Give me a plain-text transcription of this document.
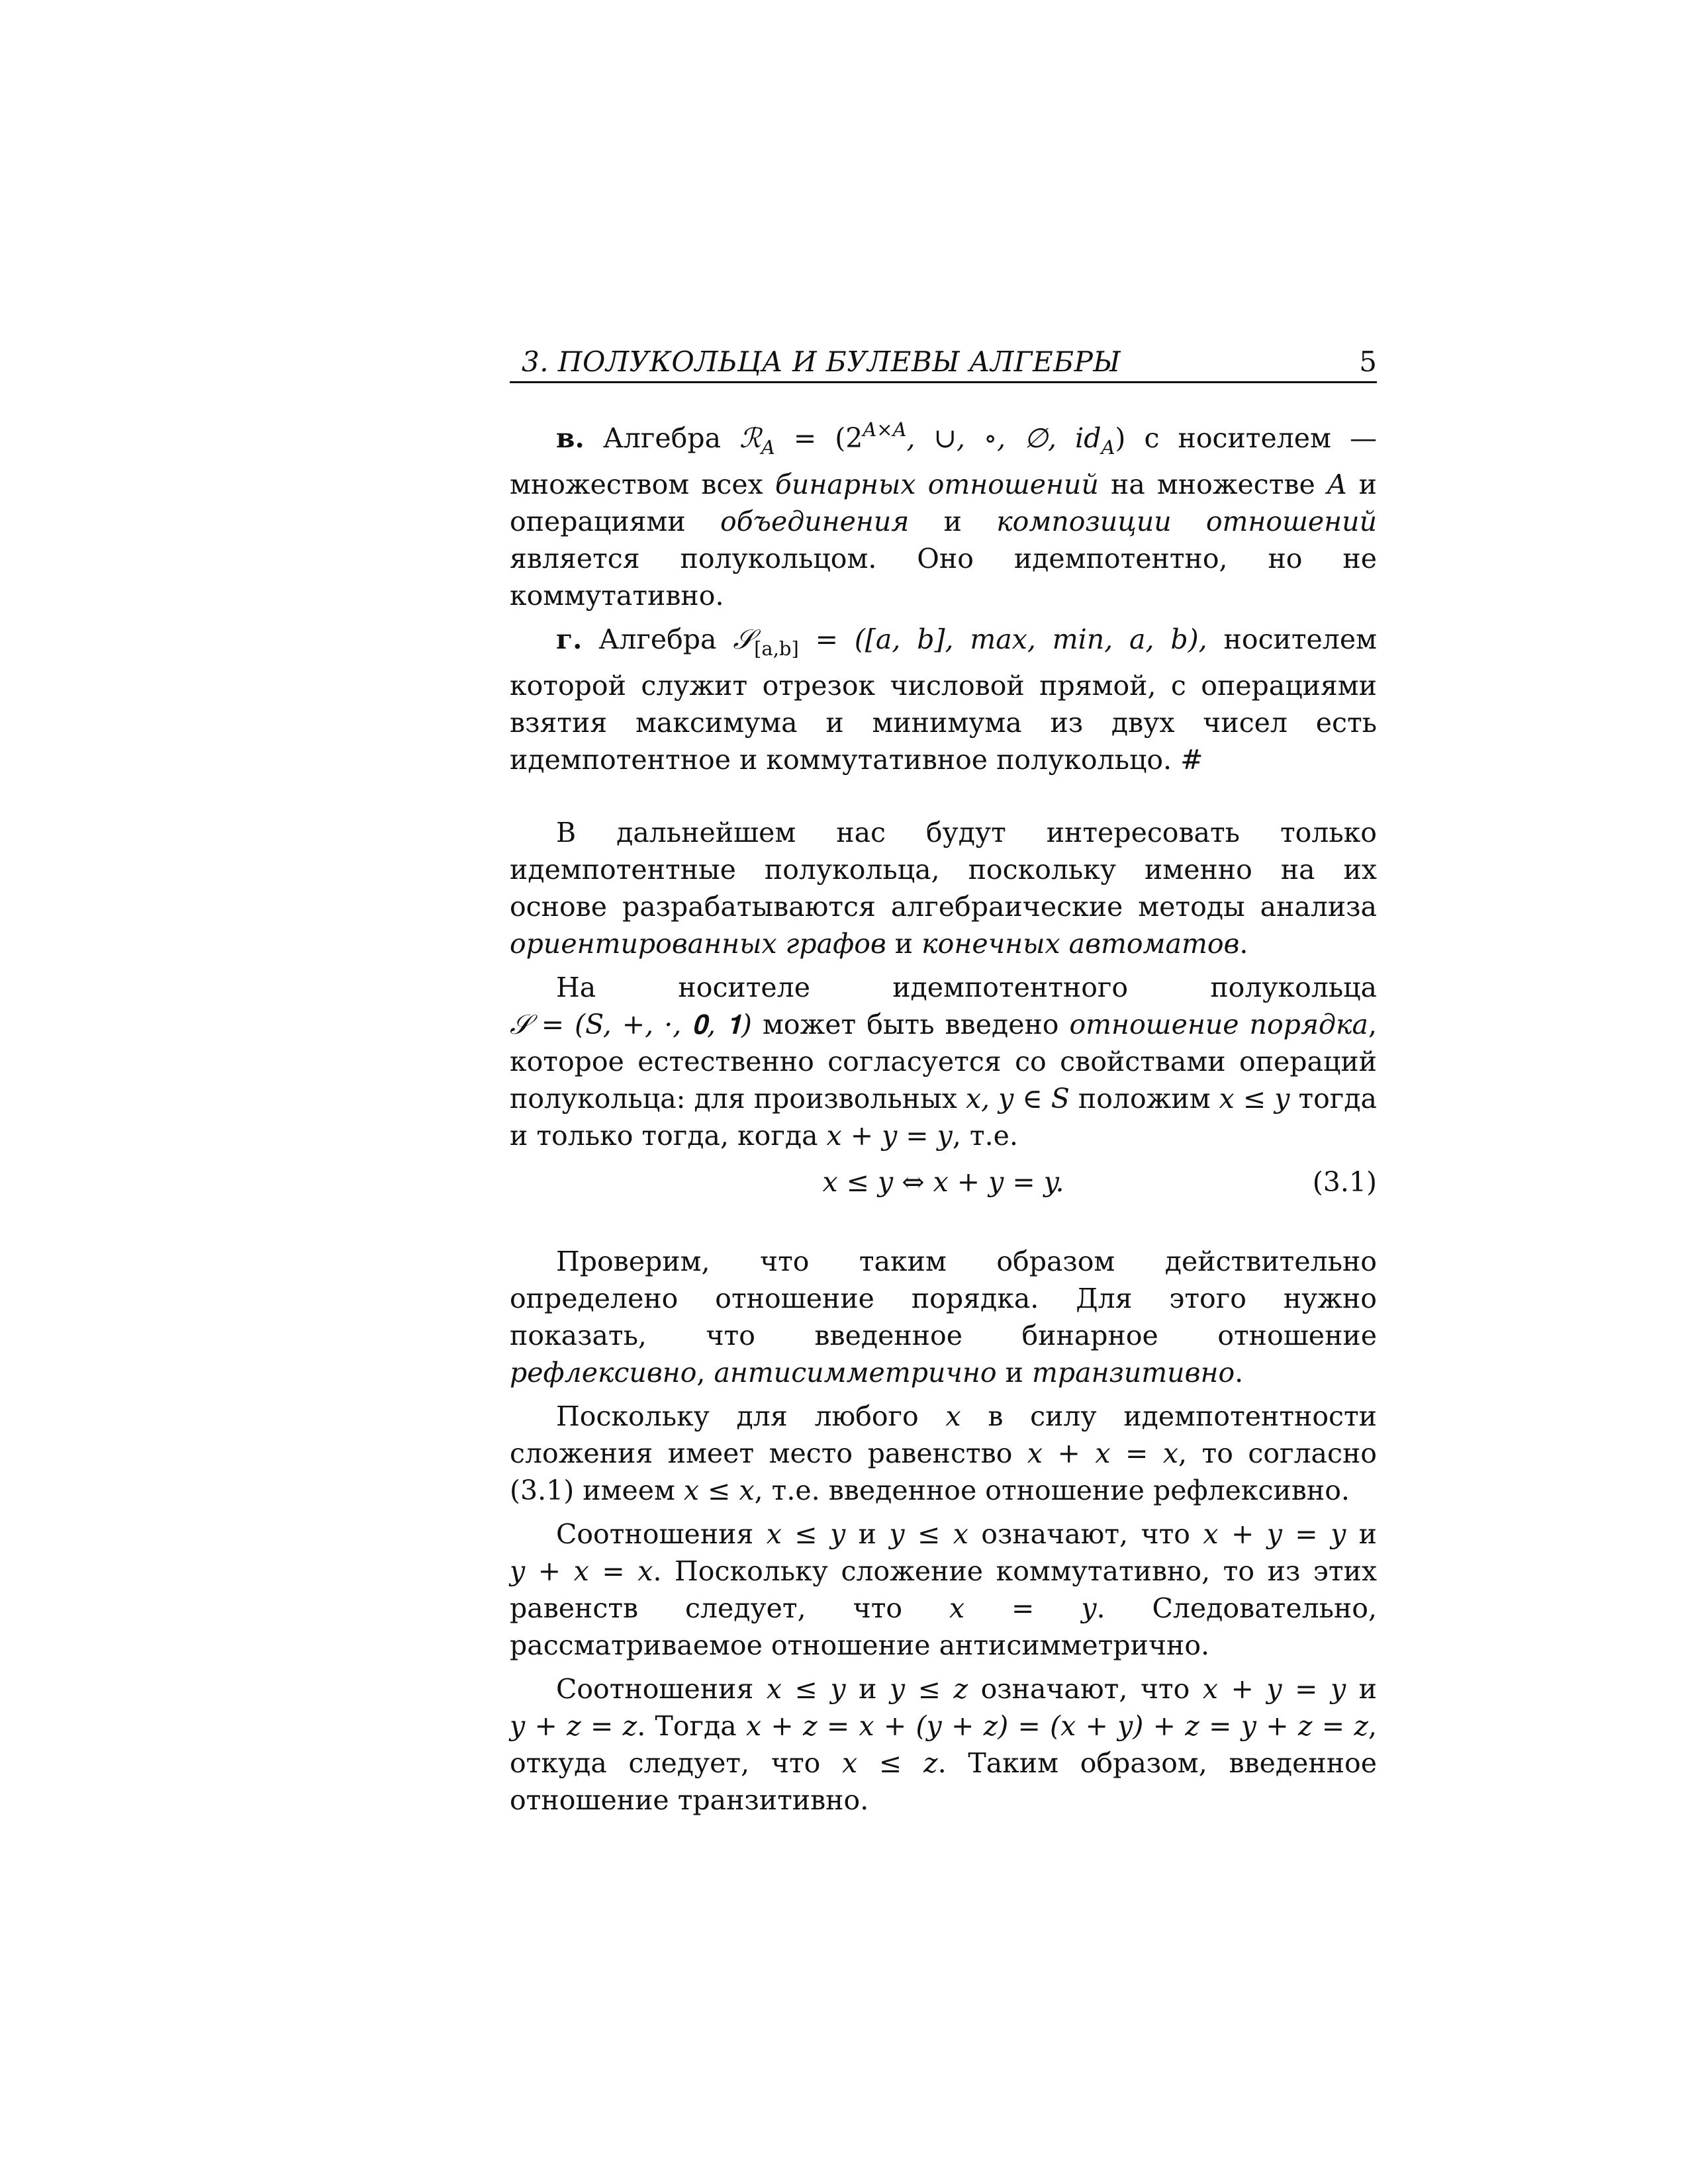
3. ПОЛУКОЛЬЦА И БУЛЕВЫ АЛГЕБРЫ	5

в. Алгебра ℛ$_A$ = ($2^{A\times A}$, ∪, ∘, ∅, $id_A$) с носителем — множеством всех бинарных отношений на множестве A и операциями объединения и композиции отношений является полукольцом. Оно идемпотентно, но не коммутативно.

г. Алгебра 𝒮$_{[a,b]}$ = ([a, b], max, min, a, b), носителем которой служит отрезок числовой прямой, с операциями взятия максимума и минимума из двух чисел есть идемпотентное и коммутативное полукольцо. #

В дальнейшем нас будут интересовать только идемпотентные полукольца, поскольку именно на их основе разрабатываются алгебраические методы анализа ориентированных графов и конечных автоматов.

На носителе идемпотентного полукольца 𝒮 = (S, +, ·, 𝟎, 𝟏) может быть введено отношение порядка, которое естественно согласуется со свойствами операций полукольца: для произвольных x, y ∈ S положим x ≤ y тогда и только тогда, когда x + y = y, т.е.

x ≤ y ⇔ x + y = y.	(3.1)

Проверим, что таким образом действительно определено отношение порядка. Для этого нужно показать, что введенное бинарное отношение рефлексивно, антисимметрично и транзитивно.

Поскольку для любого x в силу идемпотентности сложения имеет место равенство x + x = x, то согласно (3.1) имеем x ≤ x, т.е. введенное отношение рефлексивно.

Соотношения x ≤ y и y ≤ x означают, что x + y = y и y + x = x. Поскольку сложение коммутативно, то из этих равенств следует, что x = y. Следовательно, рассматриваемое отношение антисимметрично.

Соотношения x ≤ y и y ≤ z означают, что x + y = y и y + z = z. Тогда x + z = x + (y + z) = (x + y) + z = y + z = z, откуда следует, что x ≤ z. Таким образом, введенное отношение транзитивно.
